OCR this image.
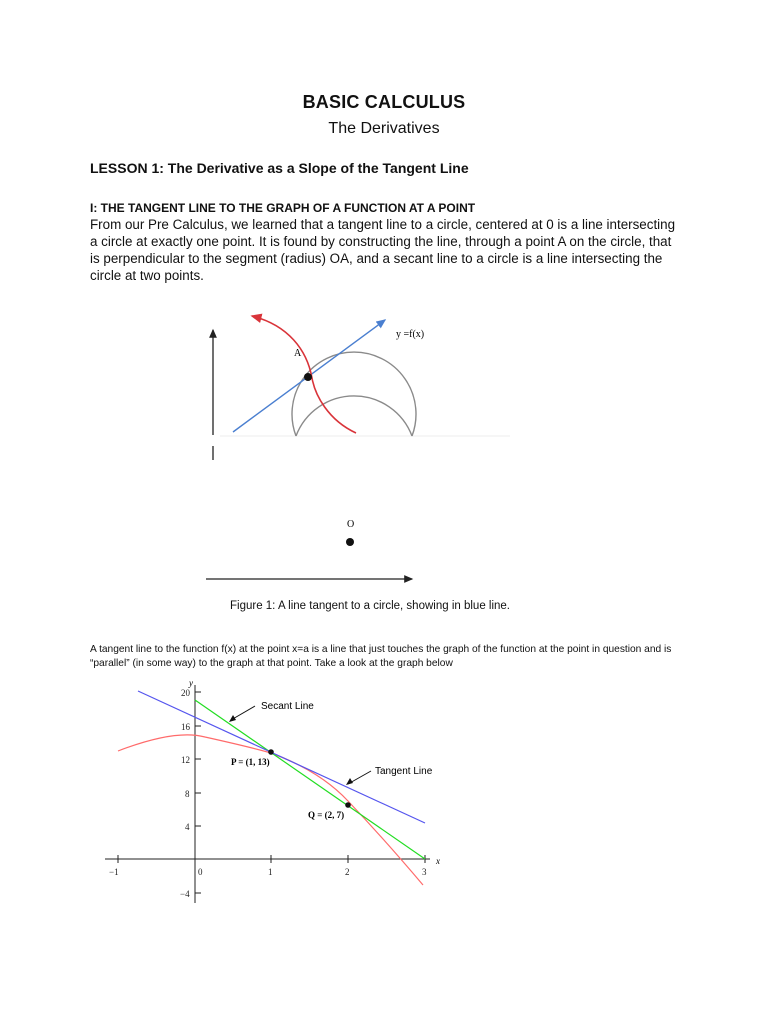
BASIC CALCULUS
The Derivatives
LESSON 1: The Derivative as a Slope of the Tangent Line
I: THE TANGENT LINE TO THE GRAPH OF A FUNCTION AT A POINT

From our Pre Calculus, we learned that a tangent line to a circle, centered at 0 is a line intersecting a circle at exactly one point. It is found by constructing the line, through a point A on the circle, that is perpendicular to the segment (radius) OA, and a secant line to a circle is a line intersecting the circle at two points.

A
y =f(x)
O
Figure 1: A line tangent to a circle, showing in blue line.

A tangent line to the function f(x) at the point x=a is a line that just touches the graph of the function at the point in question and is “parallel” (in some way) to the graph at that point. Take a look at the graph below

20
16
12
8
4
−4
−1	0	1	2	3
y
x
P = (1, 13)
Q = (2, 7)
Secant Line
Tangent Line
